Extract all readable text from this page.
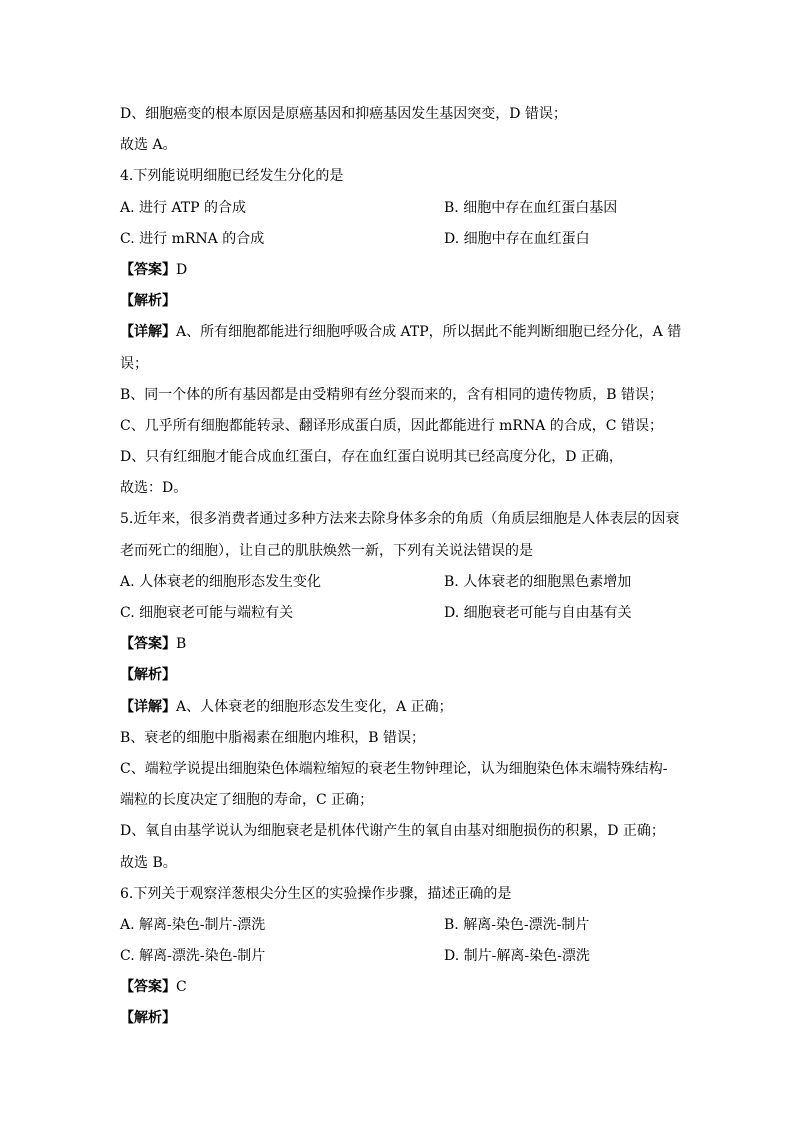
D、细胞癌变的根本原因是原癌基因和抑癌基因发生基因突变，D 错误；
故选 A。
4.下列能说明细胞已经发生分化的是
A. 进行 ATP 的合成	B. 细胞中存在血红蛋白基因
C. 进行 mRNA 的合成	D. 细胞中存在血红蛋白
【答案】D
【解析】
【详解】A、所有细胞都能进行细胞呼吸合成 ATP，所以据此不能判断细胞已经分化，A 错
误；
B、同一个体的所有基因都是由受精卵有丝分裂而来的，含有相同的遗传物质，B 错误；
C、几乎所有细胞都能转录、翻译形成蛋白质，因此都能进行 mRNA 的合成，C 错误；
D、只有红细胞才能合成血红蛋白，存在血红蛋白说明其已经高度分化，D 正确，
故选：D。
5.近年来，很多消费者通过多种方法来去除身体多余的角质（角质层细胞是人体表层的因衰
老而死亡的细胞），让自己的肌肤焕然一新，下列有关说法错误的是
A. 人体衰老的细胞形态发生变化	B. 人体衰老的细胞黑色素增加
C. 细胞衰老可能与端粒有关	D. 细胞衰老可能与自由基有关
【答案】B
【解析】
【详解】A、人体衰老的细胞形态发生变化，A 正确；
B、衰老的细胞中脂褐素在细胞内堆积，B 错误；
C、端粒学说提出细胞染色体端粒缩短的衰老生物钟理论，认为细胞染色体末端特殊结构-
端粒的长度决定了细胞的寿命，C 正确；
D、氧自由基学说认为细胞衰老是机体代谢产生的氧自由基对细胞损伤的积累，D 正确；
故选 B。
6.下列关于观察洋葱根尖分生区的实验操作步骤，描述正确的是
A. 解离-染色-制片-漂洗	B. 解离-染色-漂洗-制片
C. 解离-漂洗-染色-制片	D. 制片-解离-染色-漂洗
【答案】C
【解析】
